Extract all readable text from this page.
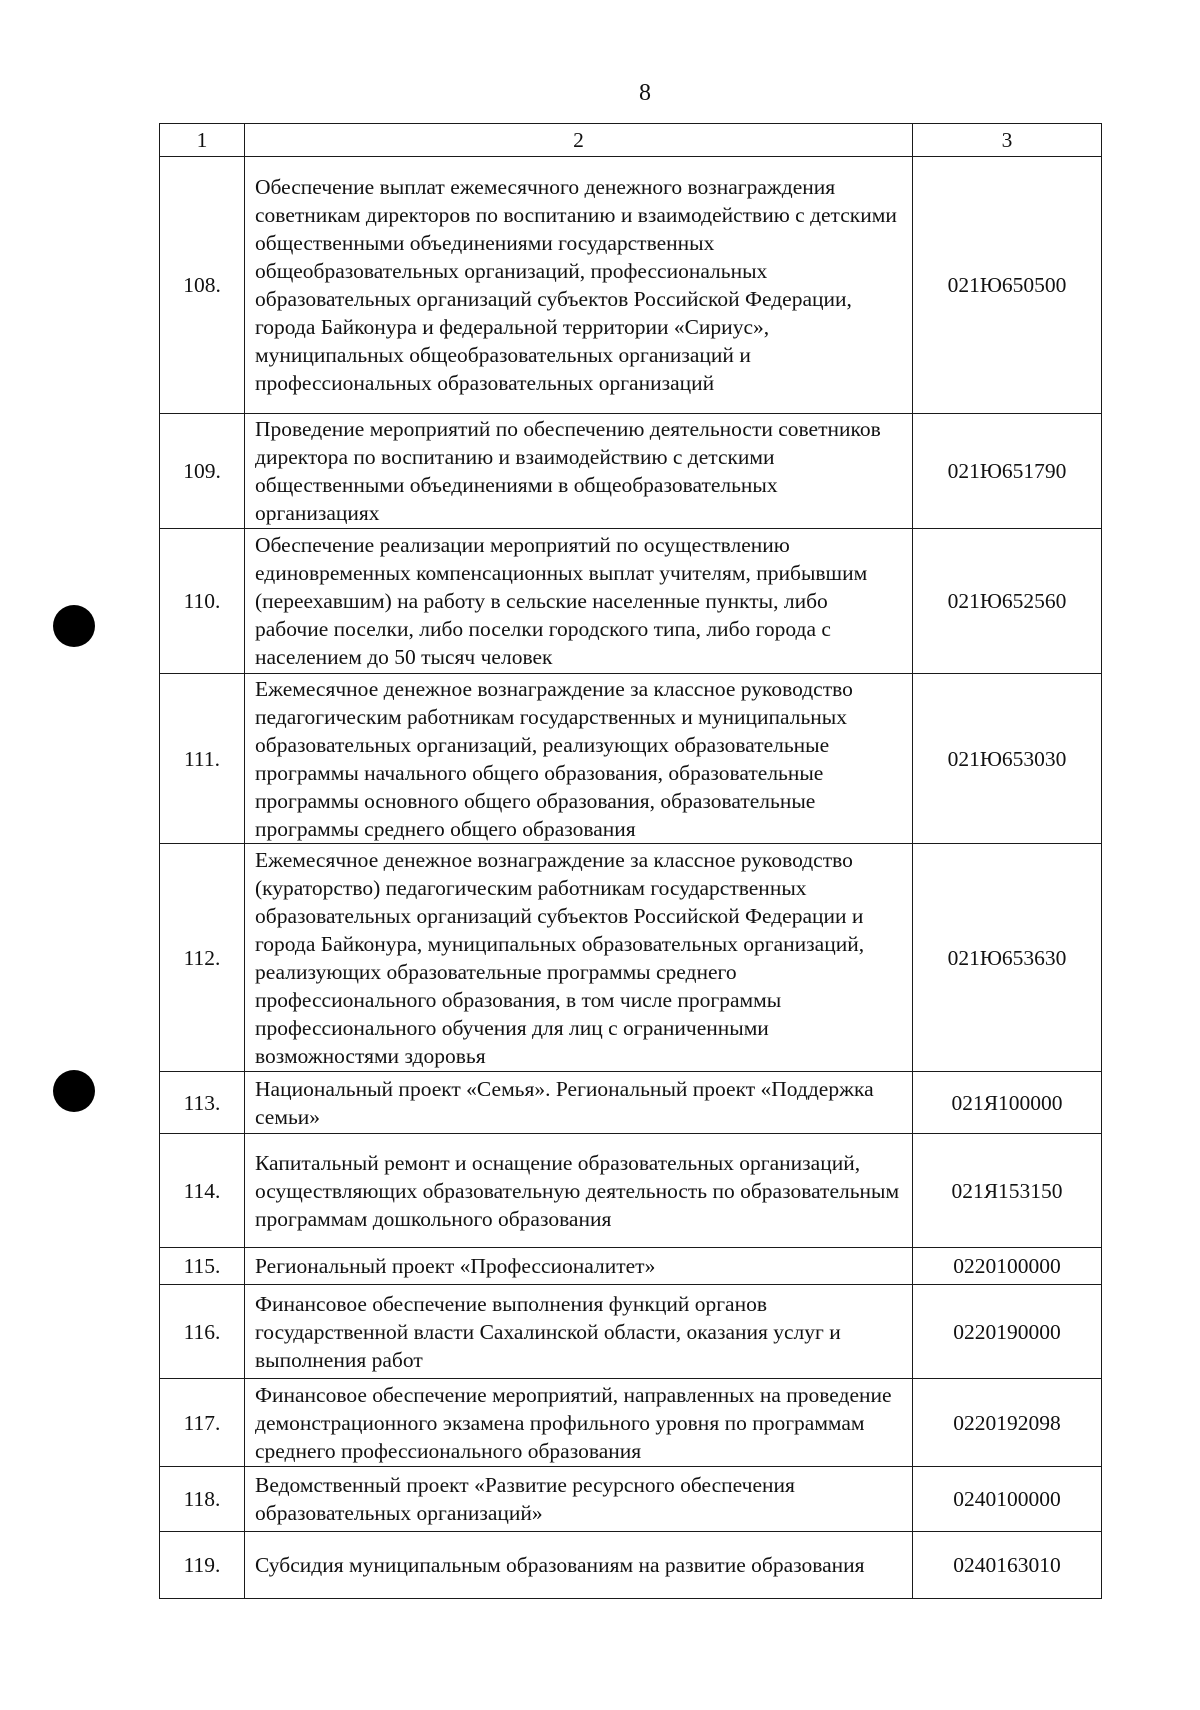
8
1	2	3
108.	Обеспечение выплат ежемесячного денежного вознаграждения советникам директоров по воспитанию и взаимодействию с детскими общественными объединениями государственных общеобразовательных организаций, профессиональных образовательных организаций субъектов Российской Федерации, города Байконура и федеральной территории «Сириус», муниципальных общеобразовательных организаций и профессиональных образовательных организаций	021Ю650500
109.	Проведение мероприятий по обеспечению деятельности советников директора по воспитанию и взаимодействию с детскими общественными объединениями в общеобразовательных организациях	021Ю651790
110.	Обеспечение реализации мероприятий по осуществлению единовременных компенсационных выплат учителям, прибывшим (переехавшим) на работу в сельские населенные пункты, либо рабочие поселки, либо поселки городского типа, либо города с населением до 50 тысяч человек	021Ю652560
111.	Ежемесячное денежное вознаграждение за классное руководство педагогическим работникам государственных и муниципальных образовательных организаций, реализующих образовательные программы начального общего образования, образовательные программы основного общего образования, образовательные программы среднего общего образования	021Ю653030
112.	Ежемесячное денежное вознаграждение за классное руководство (кураторство) педагогическим работникам государственных образовательных организаций субъектов Российской Федерации и города Байконура, муниципальных образовательных организаций, реализующих образовательные программы среднего профессионального образования, в том числе программы профессионального обучения для лиц с ограниченными возможностями здоровья	021Ю653630
113.	Национальный проект «Семья». Региональный проект «Поддержка семьи»	021Я100000
114.	Капитальный ремонт и оснащение образовательных организаций, осуществляющих образовательную деятельность по образовательным программам дошкольного образования	021Я153150
115.	Региональный проект «Профессионалитет»	0220100000
116.	Финансовое обеспечение выполнения функций органов государственной власти Сахалинской области, оказания услуг и выполнения работ	0220190000
117.	Финансовое обеспечение мероприятий, направленных на проведение демонстрационного экзамена профильного уровня по программам среднего профессионального образования	0220192098
118.	Ведомственный проект «Развитие ресурсного обеспечения образовательных организаций»	0240100000
119.	Субсидия муниципальным образованиям на развитие образования	0240163010
